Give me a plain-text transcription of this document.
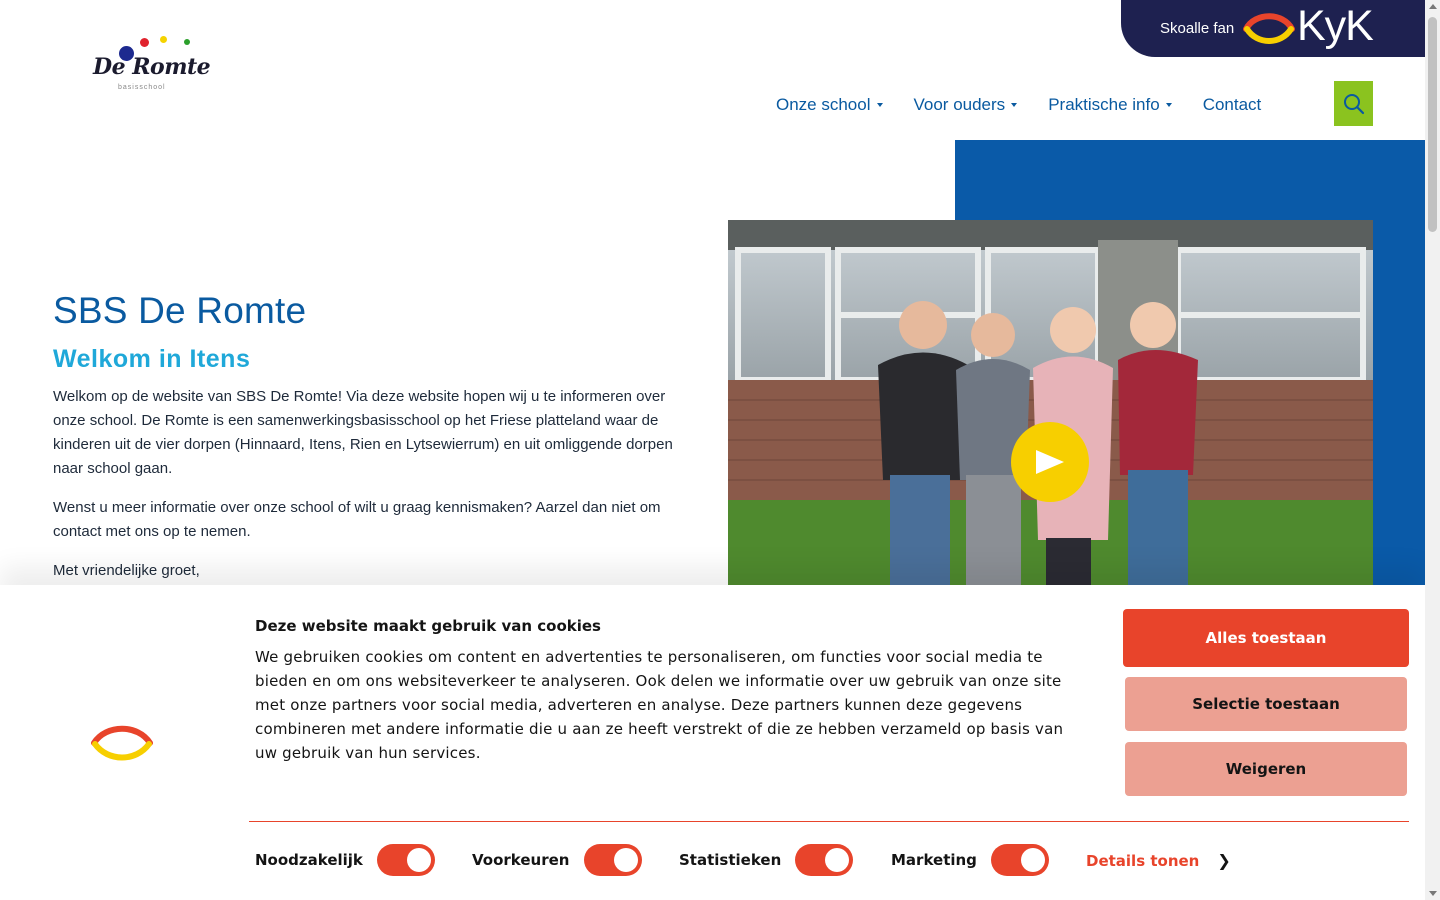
De Romte
basisschool
Skoalle fan KyK
Onze school	Voor ouders	Praktische info	Contact
SBS De Romte
Welkom in Itens

Welkom op de website van SBS De Romte! Via deze website hopen wij u te informeren over onze school. De Romte is een samenwerkingsbasisschool op het Friese platteland waar de kinderen uit de vier dorpen (Hinnaard, Itens, Rien en Lytsewierrum) en uit omliggende dorpen naar school gaan.

Wenst u meer informatie over onze school of wilt u graag kennismaken? Aarzel dan niet om contact met ons op te nemen.

Met vriendelijke groet,

Deze website maakt gebruik van cookies
We gebruiken cookies om content en advertenties te personaliseren, om functies voor social media te bieden en om ons websiteverkeer te analyseren. Ook delen we informatie over uw gebruik van onze site met onze partners voor social media, adverteren en analyse. Deze partners kunnen deze gegevens combineren met andere informatie die u aan ze heeft verstrekt of die ze hebben verzameld op basis van uw gebruik van hun services.
Alles toestaan
Selectie toestaan
Weigeren
Noodzakelijk	Voorkeuren	Statistieken	Marketing	Details tonen ❯
